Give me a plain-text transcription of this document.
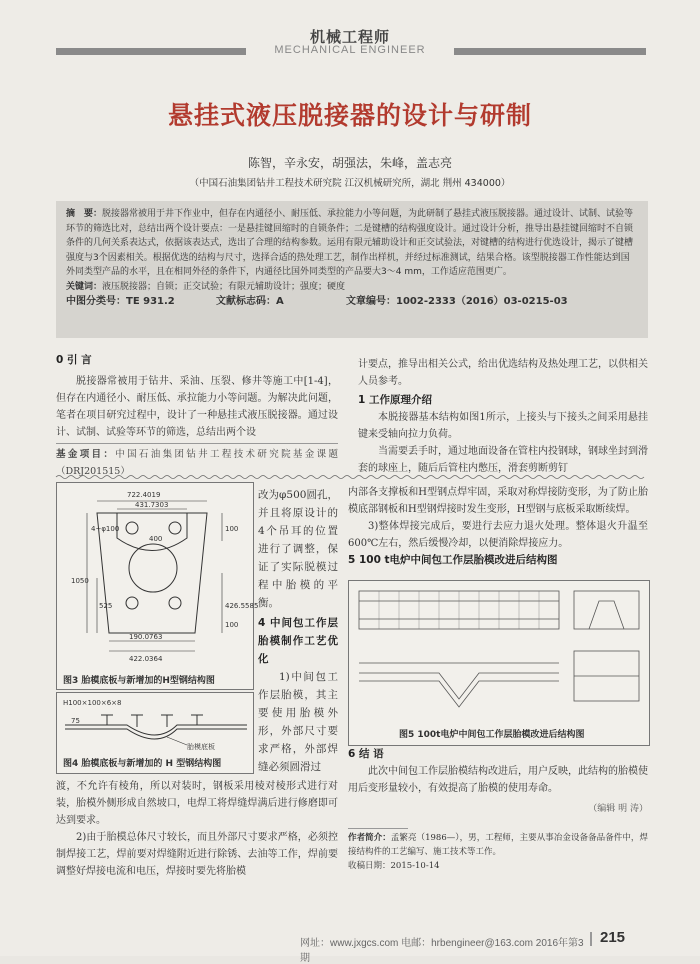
机械工程师
MECHANICAL ENGINEER
悬挂式液压脱接器的设计与研制
陈智，辛永安，胡强法，朱峰，盖志亮
（中国石油集团钻井工程技术研究院 江汉机械研究所，湖北 荆州 434000）
摘　要：脱接器常被用于井下作业中，但存在内通径小、耐压低、承拉能力小等问题，为此研制了悬挂式液压脱接器。通过设计、试制、试验等环节的筛选比对，总结出两个设计要点：一是悬挂键回缩时的自锁条件；二是键槽的结构强度设计。通过设计分析，推导出悬挂键回缩时不自锁条件的几何关系表达式，依据该表达式，选出了合理的结构参数。运用有限元辅助设计和正交试验法，对键槽的结构进行优选设计，揭示了键槽强度与3个因素相关。根据优选的结构与尺寸，选择合适的热处理工艺，制作出样机，并经过标准测试，结果合格。该型脱接器工作性能达到国外同类型产品的水平，且在相同外径的条件下，内通径比国外同类型的产品要大3～4 mm，工作适应范围更广。
关键词：液压脱接器；自锁；正交试验；有限元辅助设计；强度；硬度
中图分类号：TE 931.2	文献标志码：A	文章编号：1002-2333（2016）03-0215-03

0 引 言

脱接器常被用于钻井、采油、压裂、修井等施工中[1-4]，但存在内通径小、耐压低、承拉能力小等问题。为解决此问题，笔者在项目研究过程中，设计了一种悬挂式液压脱接器。通过设计、试制、试验等环节的筛选，总结出两个设

基金项目：中国石油集团钻井工程技术研究院基金课题（DRJ201515）

计要点，推导出相关公式，给出优选结构及热处理工艺，以供相关人员参考。

1 工作原理介绍

本脱接器基本结构如图1所示，上接头与下接头之间采用悬挂键来受轴向拉力负荷。

当需要丢手时，通过地面设备在管柱内投钢球，钢球坐封到滑套的球座上，随后后管柱内憋压，滑套剪断剪钉

722.4019
431.7303
4~φ100
400
100
1050
525	426.5585
190.0763
422.0364
100
图3 胎模底板与新增加的H型钢结构图
H100×100×6×8
75
胎模底板
图4 胎模底板与新增加的 H 型钢结构图

改为φ500圆孔，并且将原设计的4个吊耳的位置进行了调整，保证了实际脱模过程中胎模的平衡。

4 中间包工作层胎模制作工艺优化

1)中间包工作层胎模，其主要使用胎模外形，外部尺寸要求严格，外部焊缝必须圆滑过

渡，不允许有棱角，所以对装时，钢板采用棱对棱形式进行对装，胎模外侧形成自然坡口，电焊工将焊缝焊满后进行修磨即可达到要求。

2)由于胎模总体尺寸较长，而且外部尺寸要求严格，必须控制焊接工艺，焊前要对焊缝附近进行除锈、去油等工作，焊前要调整好焊接电流和电压，焊接时要先将胎模

内部各支撑板和H型钢点焊牢固，采取对称焊接防变形，为了防止胎模底部钢板和H型钢焊接时发生变形，H型钢与底板采取断续焊。

3)整体焊接完成后，要进行去应力退火处理。整体退火升温至600℃左右，然后缓慢冷却，以便消除焊接应力。

5 100 t电炉中间包工作层胎模改进后结构图

图5 100t电炉中间包工作层胎模改进后结构图

6 结 语

此次中间包工作层胎模结构改进后，用户反映，此结构的胎模使用后变形量较小，有效提高了胎模的使用寿命。

（编辑 明 涛）

作者简介：孟繁亮（1986—），男，工程师，主要从事冶金设备备品备件中，焊接结构件的工艺编写、施工技术等工作。

收稿日期：2015-10-14

网址：www.jxgcs.com 电邮：hrbengineer@163.com 2016年第3期
215
